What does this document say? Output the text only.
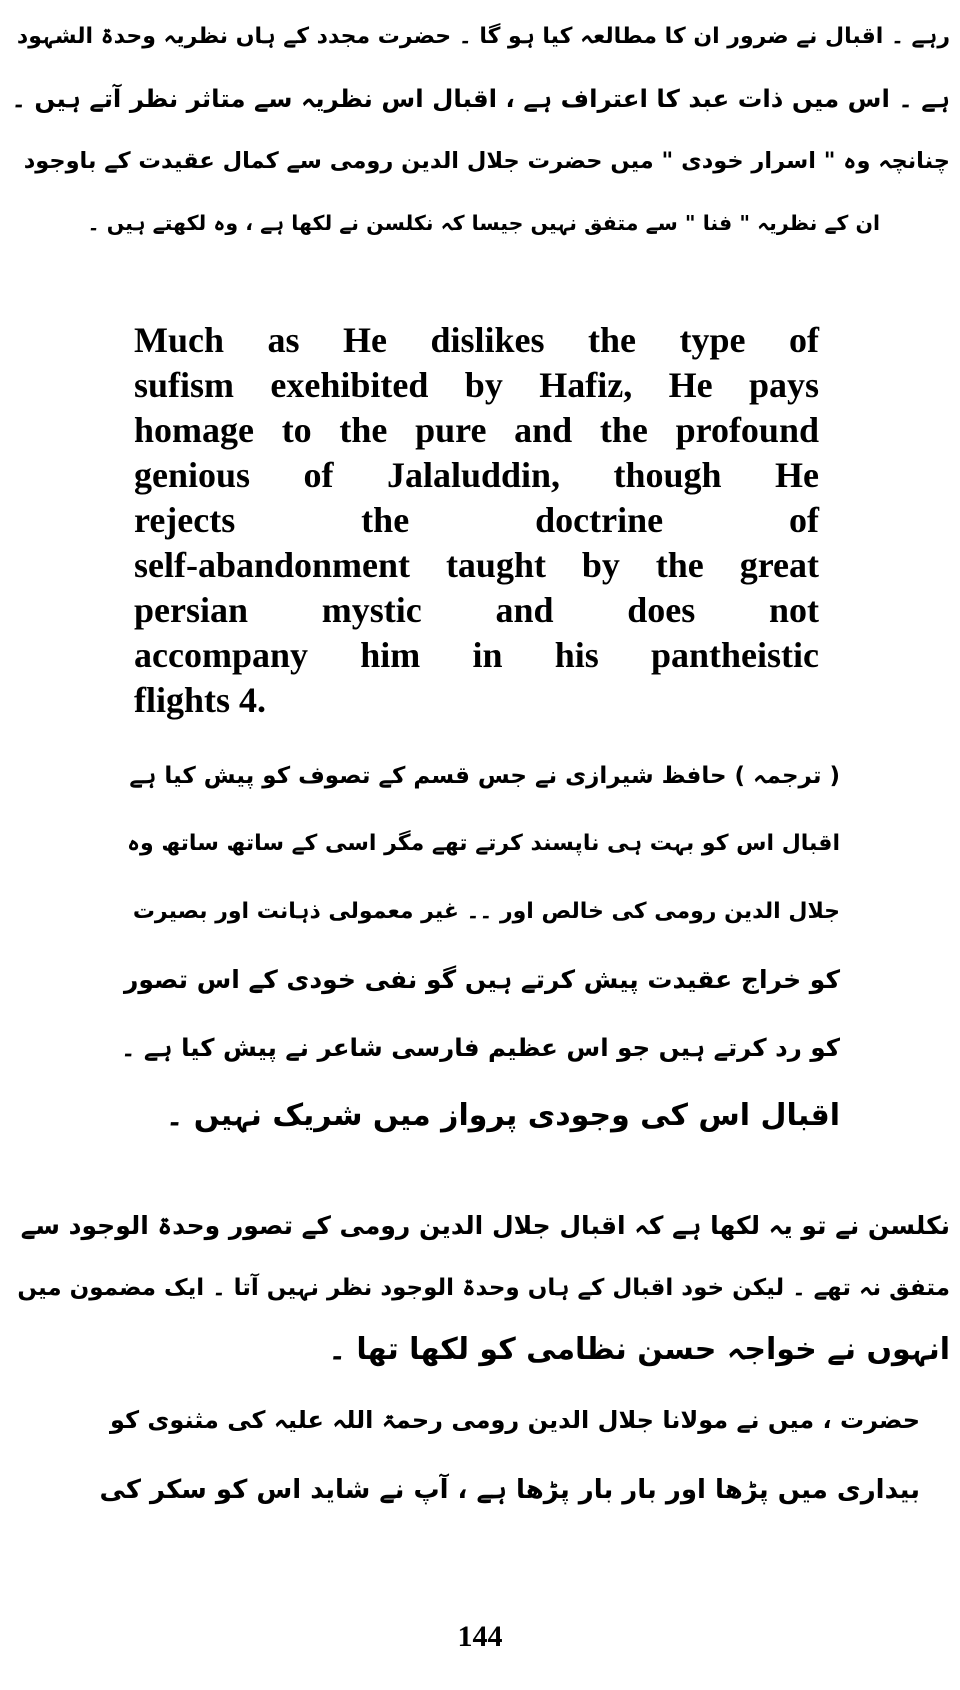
رہے ۔ اقبال نے ضرور ان کا مطالعہ کیا ہو گا ۔ حضرت مجدد کے ہاں نظریہ وحدۃ الشہود
ہے ۔ اس میں ذات عبد کا اعتراف ہے ، اقبال اس نظریہ سے متاثر نظر آتے ہیں ۔
چنانچہ وہ " اسرار خودی " میں حضرت جلال الدین رومی سے کمال عقیدت کے باوجود
ان کے نظریہ " فنا " سے متفق نہیں جیسا کہ نکلسن نے لکھا ہے ، وہ لکھتے ہیں ۔
Much as He dislikes the type of
sufism exehibited by Hafiz, He pays
homage to the pure and the profound
genious of Jalaluddin, though He
rejects the doctrine of
self-abandonment taught by the great
persian mystic and does not
accompany him in his pantheistic
flights 4.
( ترجمہ ) حافظ شیرازی نے جس قسم کے تصوف کو پیش کیا ہے
اقبال اس کو بہت ہی ناپسند کرتے تھے مگر اسی کے ساتھ ساتھ وہ
جلال الدین رومی کی خالص اور ۔۔ غیر معمولی ذہانت اور بصیرت
کو خراج عقیدت پیش کرتے ہیں گو نفی خودی کے اس تصور
کو رد کرتے ہیں جو اس عظیم فارسی شاعر نے پیش کیا ہے ۔
اقبال اس کی وجودی پرواز میں شریک نہیں ۔
نکلسن نے تو یہ لکھا ہے کہ اقبال جلال الدین رومی کے تصور وحدۃ الوجود سے
متفق نہ تھے ۔ لیکن خود اقبال کے ہاں وحدۃ الوجود نظر نہیں آتا ۔ ایک مضمون میں
انہوں نے خواجہ حسن نظامی کو لکھا تھا ۔
حضرت ، میں نے مولانا جلال الدین رومی رحمۃ اللہ علیہ کی مثنوی کو
بیداری میں پڑھا اور بار بار پڑھا ہے ، آپ نے شاید اس کو سکر کی
144
